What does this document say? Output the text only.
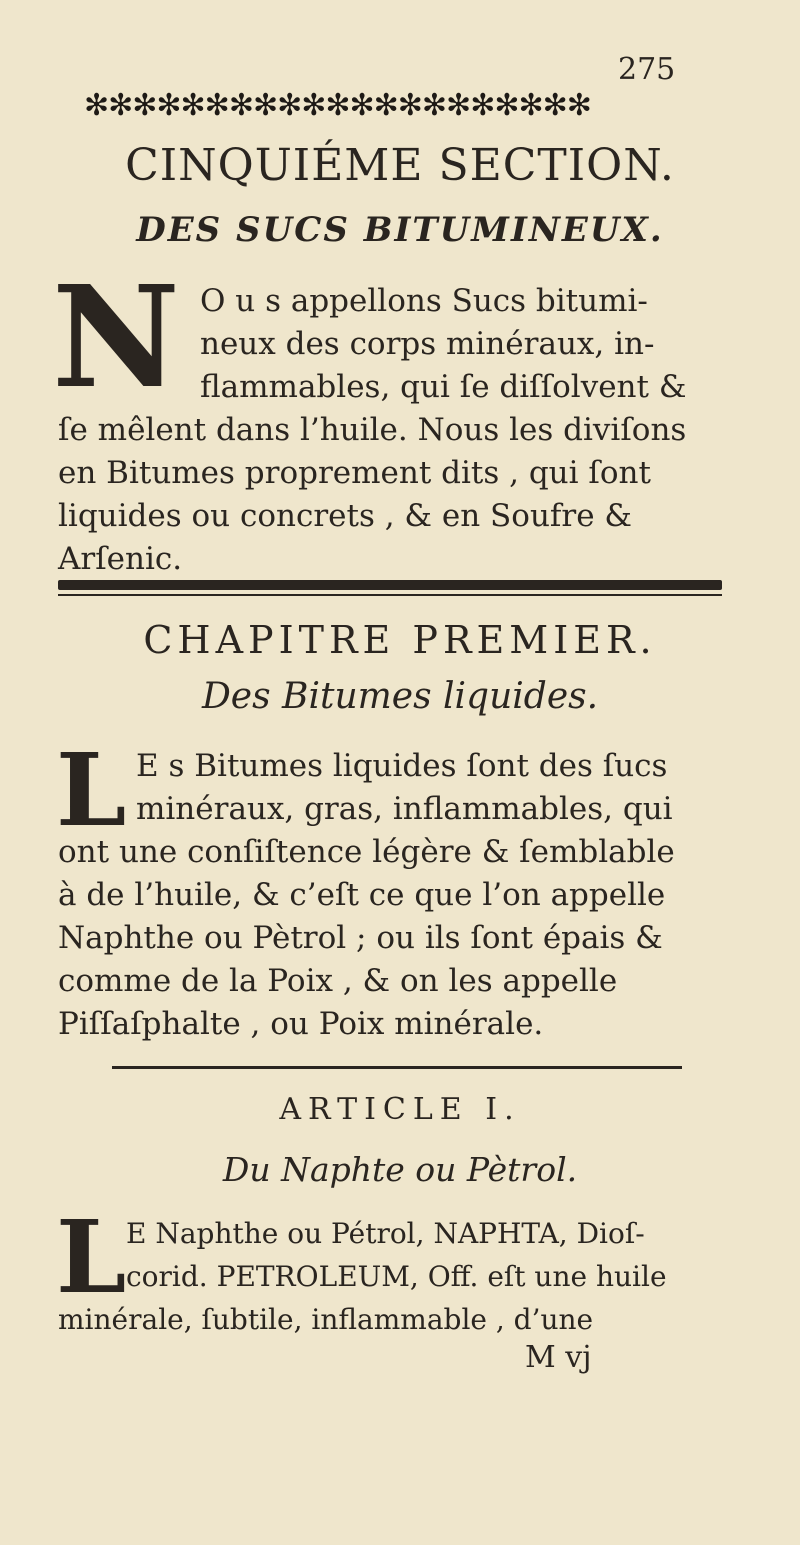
275
✻✻✻✻✻✻✻✻✻✻✻✻✻✻✻✻✻✻✻✻✻
CINQUIÉME SECTION.
DES SUCS BITUMINEUX.
N O u s appellons Sucs bitumi-
neux des corps minéraux, in-
flammables, qui ſe diſſolvent &
ſe mêlent dans l’huile. Nous les diviſons
en Bitumes proprement dits , qui ſont
liquides ou concrets , & en Soufre &
Arſenic.
CHAPITRE PREMIER.
Des Bitumes liquides.
L E s Bitumes liquides ſont des ſucs
minéraux, gras, inflammables, qui
ont une conſiſtence légère & ſemblable
à de l’huile, & c’eſt ce que l’on appelle
Naphthe ou Pètrol ; ou ils ſont épais &
comme de la Poix , & on les appelle
Piſſaſphalte , ou Poix minérale.
ARTICLE I.
Du Naphte ou Pètrol.
L E Naphthe ou Pétrol, NAPHTA, Dioſ-
corid. PETROLEUM, Off. eſt une huile
minérale, ſubtile, inflammable , d’une
M vj
